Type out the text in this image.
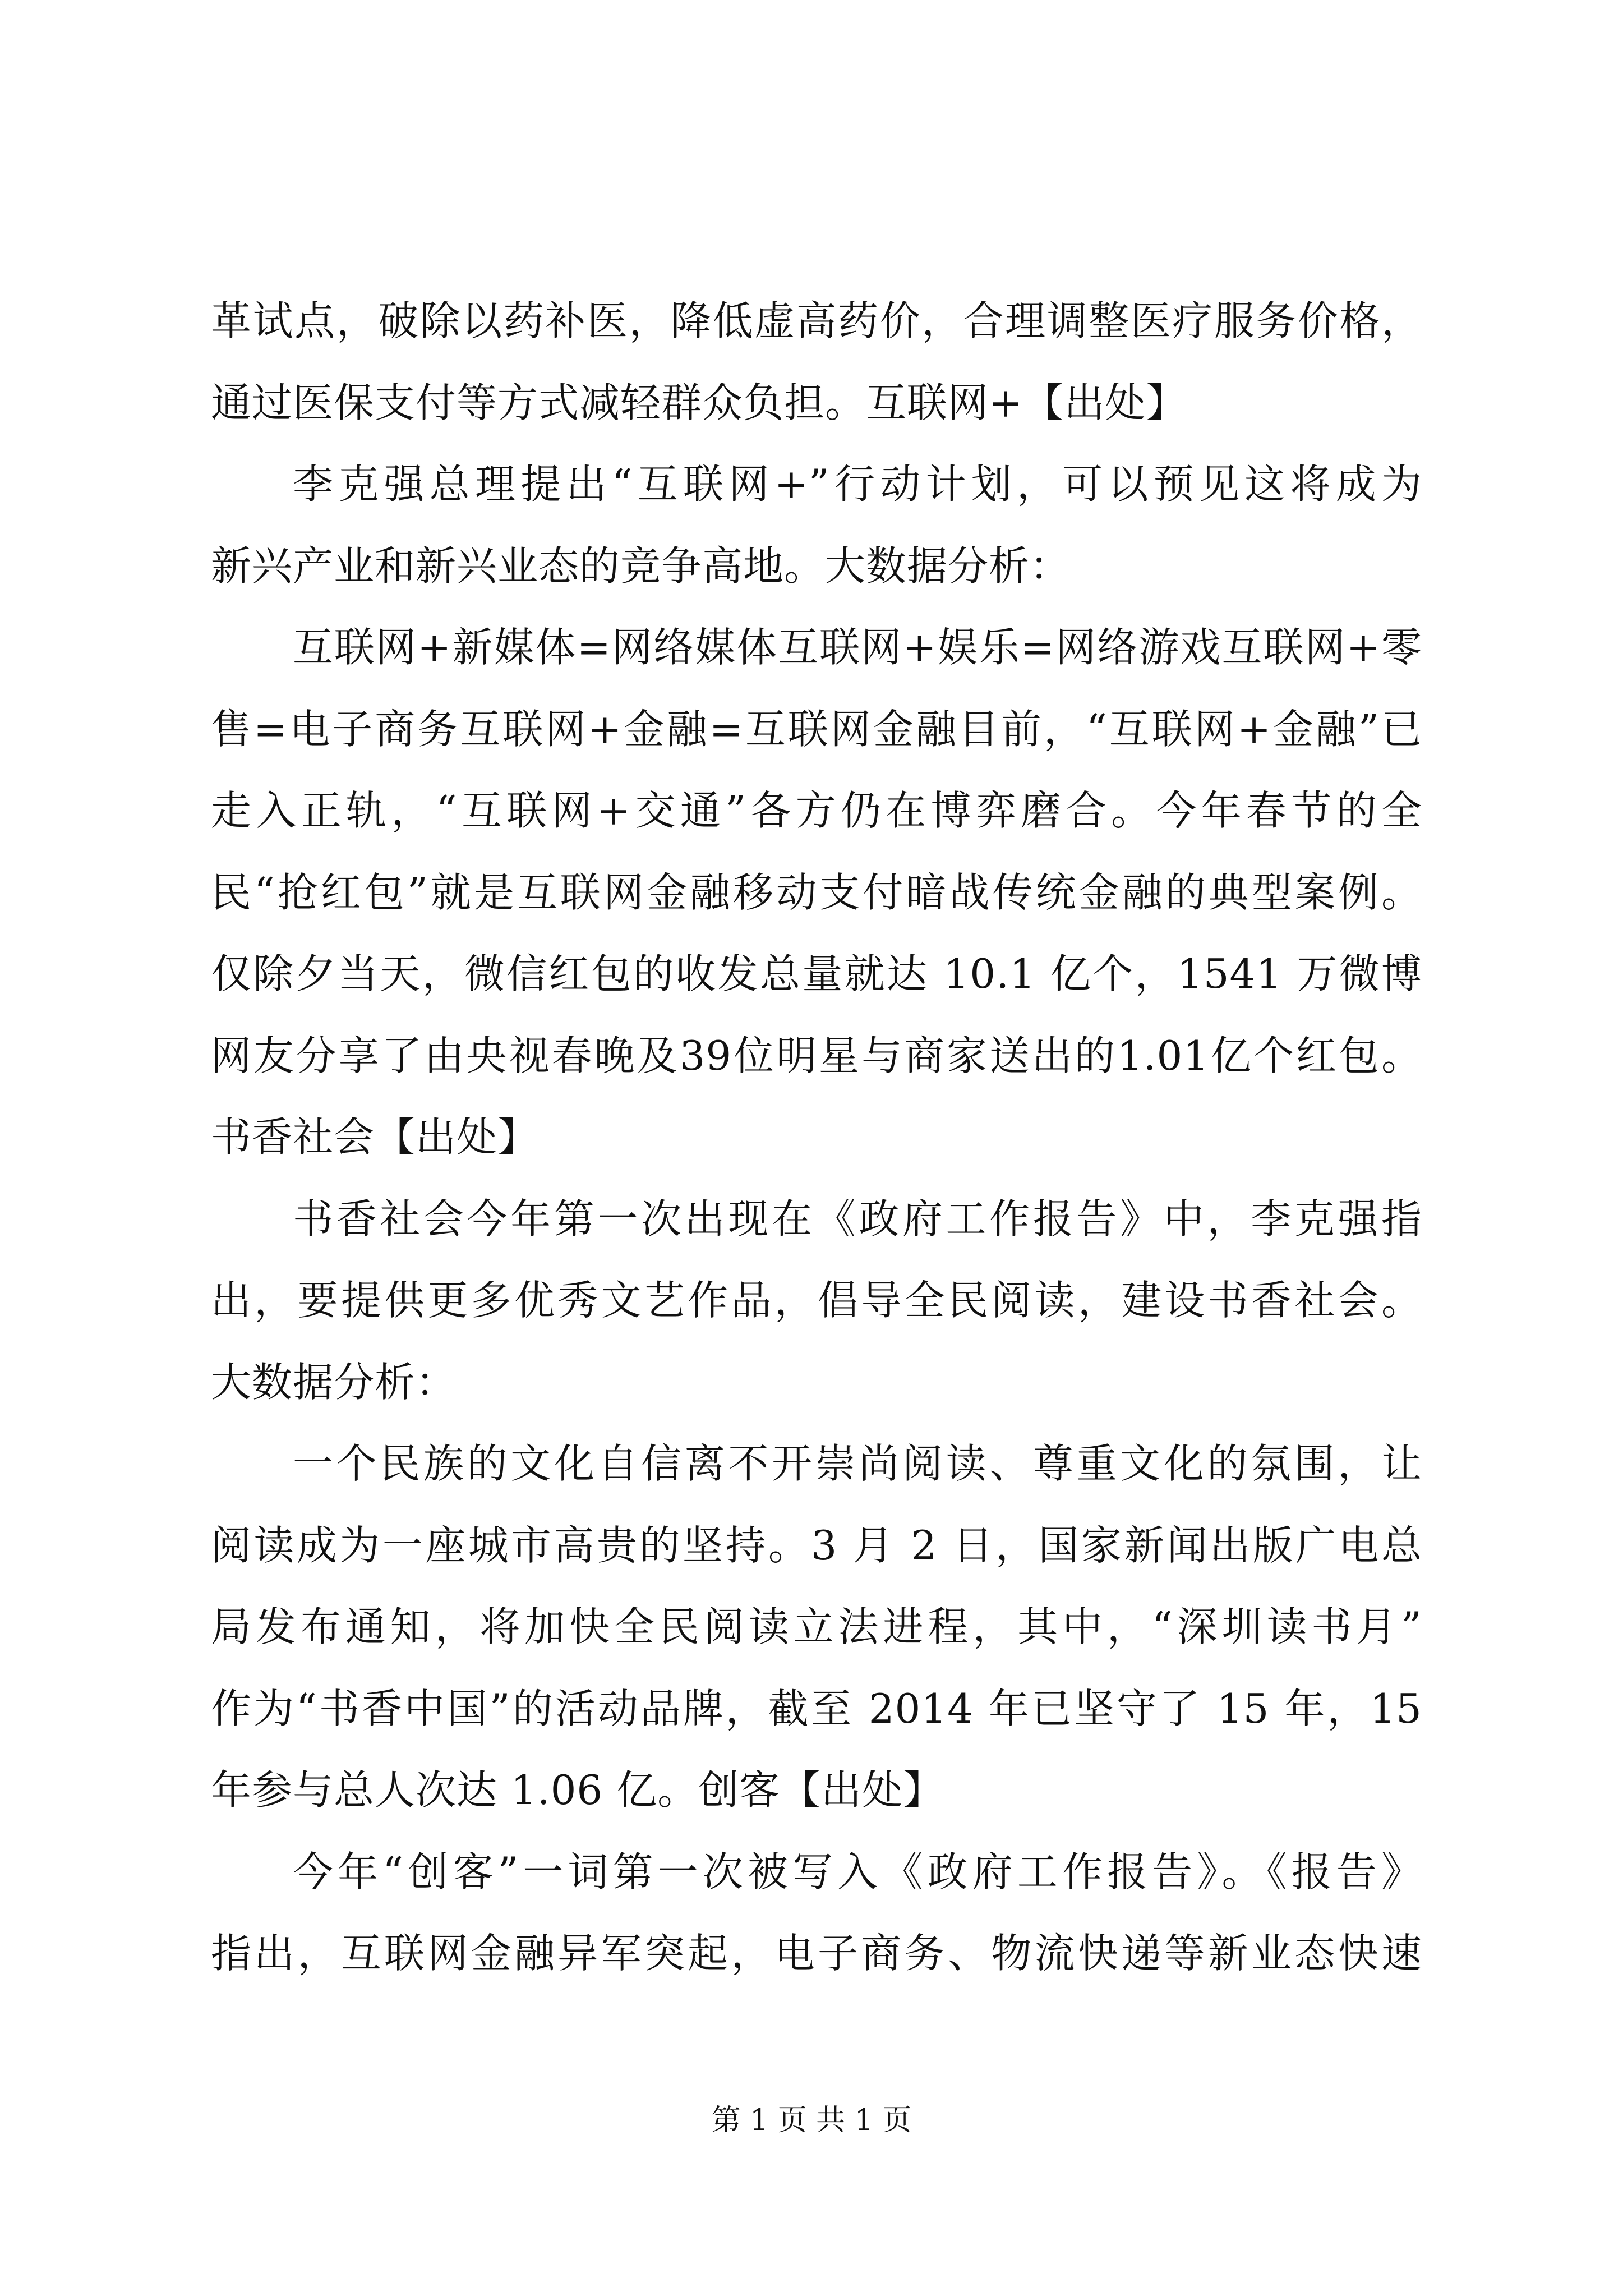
革试点，破除以药补医，降低虚高药价，合理调整医疗服务价格，
通过医保支付等方式减轻群众负担。互联网+【出处】
李克强总理提出“互联网+”行动计划，可以预见这将成为
新兴产业和新兴业态的竞争高地。大数据分析：
互联网+新媒体=网络媒体互联网+娱乐=网络游戏互联网+零
售=电子商务互联网+金融=互联网金融目前，“互联网+金融”已
走入正轨，“互联网+交通”各方仍在博弈磨合。今年春节的全
民“抢红包”就是互联网金融移动支付暗战传统金融的典型案例。
仅除夕当天，微信红包的收发总量就达 10.1 亿个，1541 万微博
网友分享了由央视春晚及39位明星与商家送出的1.01亿个红包。
书香社会【出处】
书香社会今年第一次出现在《政府工作报告》中，李克强指
出，要提供更多优秀文艺作品，倡导全民阅读，建设书香社会。
大数据分析：
一个民族的文化自信离不开崇尚阅读、尊重文化的氛围，让
阅读成为一座城市高贵的坚持。3 月 2 日，国家新闻出版广电总
局发布通知，将加快全民阅读立法进程，其中，“深圳读书月”
作为“书香中国”的活动品牌，截至 2014 年已坚守了 15 年，15
年参与总人次达 1.06 亿。创客【出处】
今年“创客”一词第一次被写入《政府工作报告》。《报告》
指出，互联网金融异军突起，电子商务、物流快递等新业态快速
第 1 页 共 1 页
